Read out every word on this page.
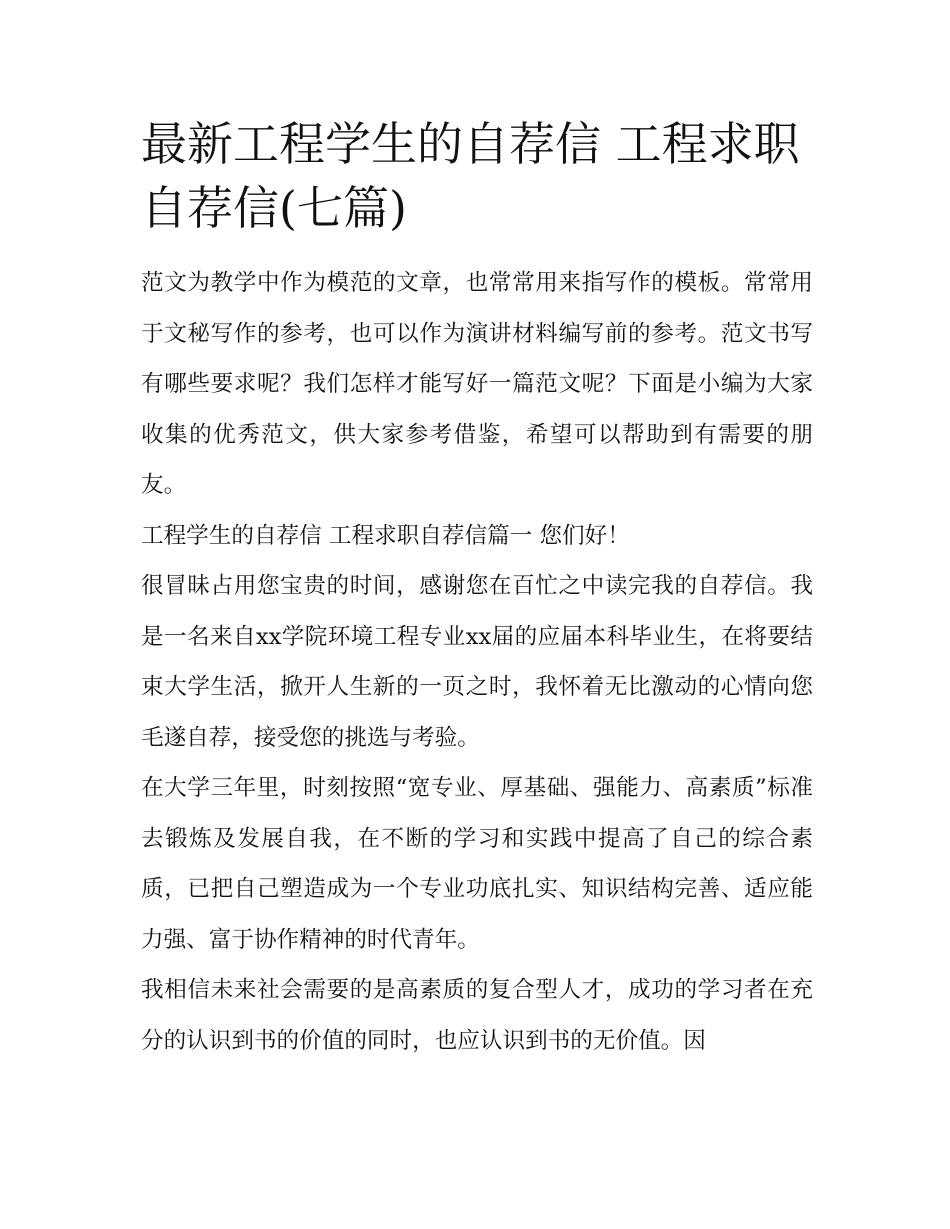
最新工程学生的自荐信 工程求职自荐信(七篇)

范文为教学中作为模范的文章，也常常用来指写作的模板。常常用于文秘写作的参考，也可以作为演讲材料编写前的参考。范文书写有哪些要求呢？我们怎样才能写好一篇范文呢？下面是小编为大家收集的优秀范文，供大家参考借鉴，希望可以帮助到有需要的朋友。

工程学生的自荐信 工程求职自荐信篇一 您们好！

很冒昧占用您宝贵的时间，感谢您在百忙之中读完我的自荐信。我是一名来自xx学院环境工程专业xx届的应届本科毕业生，在将要结束大学生活，掀开人生新的一页之时，我怀着无比激动的心情向您毛遂自荐，接受您的挑选与考验。

在大学三年里，时刻按照“宽专业、厚基础、强能力、高素质”标准去锻炼及发展自我，在不断的学习和实践中提高了自己的综合素质，已把自己塑造成为一个专业功底扎实、知识结构完善、适应能力强、富于协作精神的时代青年。

我相信未来社会需要的是高素质的复合型人才，成功的学习者在充分的认识到书的价值的同时，也应认识到书的无价值。因
